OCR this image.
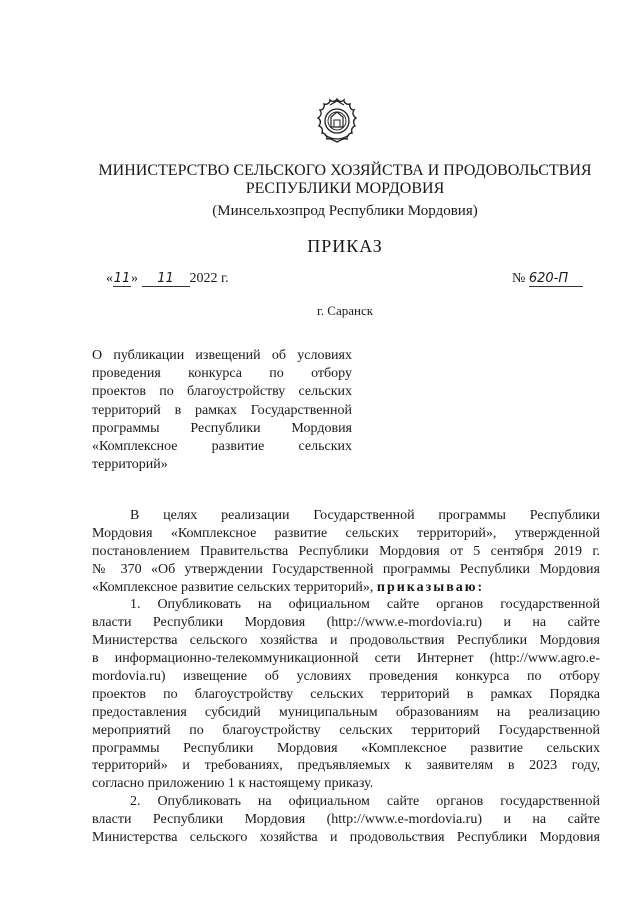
МИНИСТЕРСТВО СЕЛЬСКОГО ХОЗЯЙСТВА И ПРОДОВОЛЬСТВИЯ
РЕСПУБЛИКИ МОРДОВИЯ
(Минсельхозпрод Республики Мордовия)
ПРИКАЗ
«11» 11 2022 г.	№ 620-П
г. Саранск
О публикации извещений об условиях
проведения конкурса по отбору
проектов по благоустройству сельских
территорий в рамках Государственной
программы Республики Мордовия
«Комплексное развитие сельских
территорий»
В целях реализации Государственной программы Республики
Мордовия «Комплексное развитие сельских территорий», утвержденной
постановлением Правительства Республики Мордовия от 5 сентября 2019 г.
№ 370 «Об утверждении Государственной программы Республики Мордовия
«Комплексное развитие сельских территорий», приказываю:
1. Опубликовать на официальном сайте органов государственной
власти Республики Мордовия (http://www.e-mordovia.ru) и на сайте
Министерства сельского хозяйства и продовольствия Республики Мордовия
в информационно-телекоммуникационной сети Интернет (http://www.agro.e-
mordovia.ru) извещение об условиях проведения конкурса по отбору
проектов по благоустройству сельских территорий в рамках Порядка
предоставления субсидий муниципальным образованиям на реализацию
мероприятий по благоустройству сельских территорий Государственной
программы Республики Мордовия «Комплексное развитие сельских
территорий» и требованиях, предъявляемых к заявителям в 2023 году,
согласно приложению 1 к настоящему приказу.
2. Опубликовать на официальном сайте органов государственной
власти Республики Мордовия (http://www.e-mordovia.ru) и на сайте
Министерства сельского хозяйства и продовольствия Республики Мордовия
